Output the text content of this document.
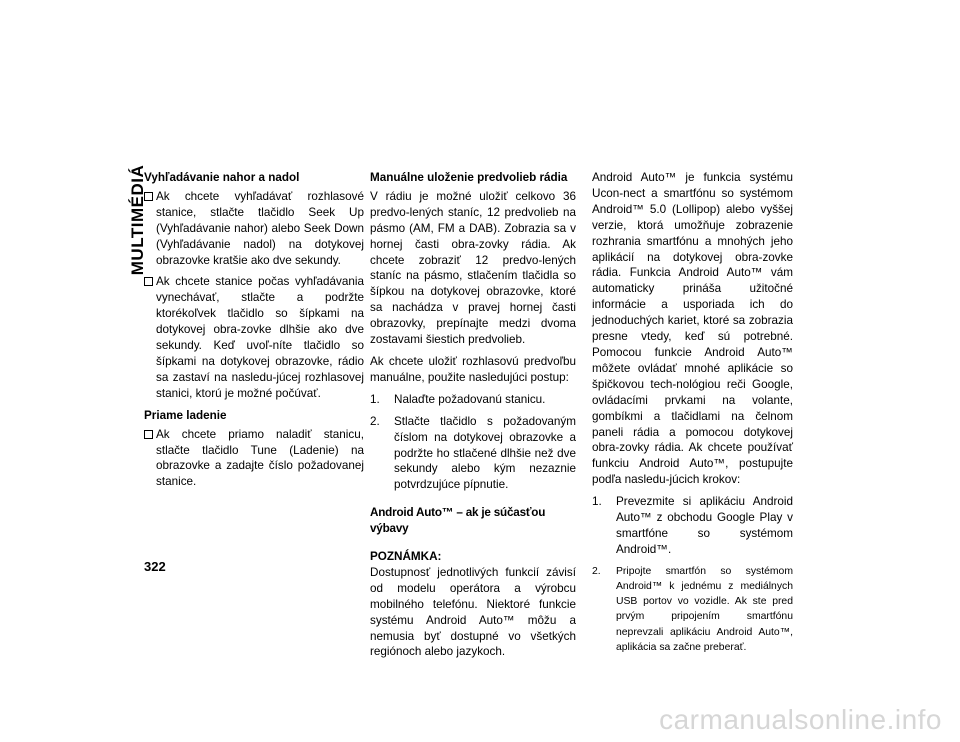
MULTIMÉDIÁ
Vyhľadávanie nahor a nadol
Ak chcete vyhľadávať rozhlasové stanice, stlačte tlačidlo Seek Up (Vyhľadávanie nahor) alebo Seek Down (Vyhľadávanie nadol) na dotykovej obrazovke kratšie ako dve sekundy.
Ak chcete stanice počas vyhľadávania vynechávať, stlačte a podržte ktorékoľvek tlačidlo so šípkami na dotykovej obra-zovke dlhšie ako dve sekundy. Keď uvoľ-níte tlačidlo so šípkami na dotykovej obrazovke, rádio sa zastaví na nasledu-júcej rozhlasovej stanici, ktorú je možné počúvať.
Priame ladenie
Ak chcete priamo naladiť stanicu, stlačte tlačidlo Tune (Ladenie) na obrazovke a zadajte číslo požadovanej stanice.
Manuálne uloženie predvolieb rádia

V rádiu je možné uložiť celkovo 36 predvo-lených staníc, 12 predvolieb na pásmo (AM, FM a DAB). Zobrazia sa v hornej časti obra-zovky rádia. Ak chcete zobraziť 12 predvo-lených staníc na pásmo, stlačením tlačidla so šípkou na dotykovej obrazovke, ktoré sa nachádza v pravej hornej časti obrazovky, prepínajte medzi dvoma zostavami šiestich predvolieb.

Ak chcete uložiť rozhlasovú predvoľbu manuálne, použite nasledujúci postup:

1.	Nalaďte požadovanú stanicu.
2.	Stlačte tlačidlo s požadovaným číslom na dotykovej obrazovke a podržte ho stlačené dlhšie než dve sekundy alebo kým nezaznie potvrdzujúce pípnutie.
Android Auto™ – ak je súčasťou výbavy
POZNÁMKA:

Dostupnosť jednotlivých funkcií závisí od modelu operátora a výrobcu mobilného telefónu. Niektoré funkcie systému Android Auto™ môžu a nemusia byť dostupné vo všetkých regiónoch alebo jazykoch.

Android Auto™ je funkcia systému Ucon-nect a smartfónu so systémom Android™ 5.0 (Lollipop) alebo vyššej verzie, ktorá umožňuje zobrazenie rozhrania smartfónu a mnohých jeho aplikácií na dotykovej obra-zovke rádia. Funkcia Android Auto™ vám automaticky prináša užitočné informácie a usporiada ich do jednoduchých kariet, ktoré sa zobrazia presne vtedy, keď sú potrebné. Pomocou funkcie Android Auto™ môžete ovládať mnohé aplikácie so špičkovou tech-nológiou reči Google, ovládacími prvkami na volante, gombíkmi a tlačidlami na čelnom paneli rádia a pomocou dotykovej obra-zovky rádia. Ak chcete používať funkciu Android Auto™, postupujte podľa nasledu-júcich krokov:

1.	Prevezmite si aplikáciu Android Auto™ z obchodu Google Play v smartfóne so systémom Android™.
2.	Pripojte smartfón so systémom Android™ k jednému z mediálnych USB portov vo vozidle. Ak ste pred prvým pripojením smartfónu neprevzali aplikáciu Android Auto™, aplikácia sa začne preberať.
322
carmanualsonline.info
